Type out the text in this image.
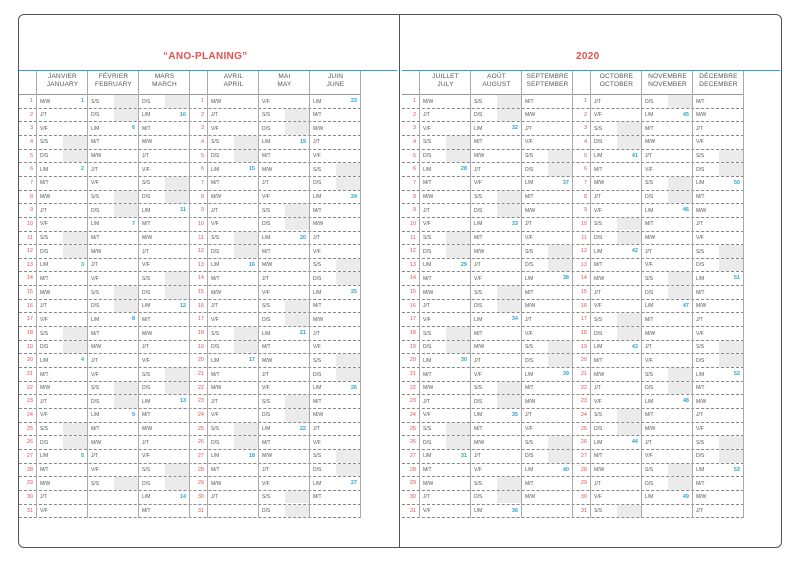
“ANO-PLANING”	2020
1
2
3
4
5
6
7
8
9
10
11
12
13
14
15
16
17
18
19
20
21
22
23
24
25
26
27
28
29
30
31
1
2
3
4
5
6
7
8
9
10
11
12
13
14
15
16
17
18
19
20
21
22
23
24
25
26
27
28
29
30
31
JANVIER
JANUARY
M/W
J/T
V/F
S/S
D/S
L/M
M/T
M/W
J/T
V/F
S/S
D/S
L/M
M/T
M/W
J/T
V/F
S/S
D/S
L/M
M/T
M/W
J/T
V/F
S/S
D/S
L/M
M/T
M/W
J/T
V/F
FÉVRIER
FEBRUARY
S/S
D/S
L/M
M/T
M/W
J/T
V/F
S/S
D/S
L/M
M/T
M/W
J/T
V/F
S/S
D/S
L/M
M/T
M/W
J/T
V/F
S/S
D/S
L/M
M/T
M/W
J/T
V/F
S/S
MARS
MARCH
D/S
L/M
M/T
M/W
J/T
V/F
S/S
D/S
L/M
M/T
M/W
J/T
V/F
S/S
D/S
L/M
M/T
M/W
J/T
V/F
S/S
D/S
L/M
M/T
M/W
J/T
V/F
S/S
D/S
L/M
M/T
AVRIL
APRIL
M/W
J/T
V/F
S/S
D/S
L/M
M/T
M/W
J/T
V/F
S/S
D/S
L/M
M/T
M/W
J/T
V/F
S/S
D/S
L/M
M/T
M/W
J/T
V/F
S/S
D/S
L/M
M/T
M/W
J/T
MAI
MAY
V/F
S/S
D/S
L/M
M/T
M/W
J/T
V/F
S/S
D/S
L/M
M/T
M/W
J/T
V/F
S/S
D/S
L/M
M/T
M/W
J/T
V/F
S/S
D/S
L/M
M/T
M/W
J/T
V/F
S/S
D/S
JUIN
JUNE
L/M
M/T
M/W
J/T
V/F
S/S
D/S
L/M
M/T
M/W
J/T
V/F
S/S
D/S
L/M
M/T
M/W
J/T
V/F
S/S
D/S
L/M
M/T
M/W
J/T
V/F
S/S
D/S
L/M
M/T
1
2
3
4
5
6
7
8
9
10
11
12
13
14
15
16
17
18
19
20
21
22
23
24
25
26
27
1
2
3
4
5
6
7
8
9
10
11
12
13
14
15
16
17
18
19
20
21
22
23
24
25
26
27
28
29
30
31
1
2
3
4
5
6
7
8
9
10
11
12
13
14
15
16
17
18
19
20
21
22
23
24
25
26
27
28
29
30
31
JUILLET
JULY
M/W
J/T
V/F
S/S
D/S
L/M
M/T
M/W
J/T
V/F
S/S
D/S
L/M
M/T
M/W
J/T
V/F
S/S
D/S
L/M
M/T
M/W
J/T
V/F
S/S
D/S
L/M
M/T
M/W
J/T
V/F
AOÛT
AUGUST
S/S
D/S
L/M
M/T
M/W
J/T
V/F
S/S
D/S
L/M
M/T
M/W
J/T
V/F
S/S
D/S
L/M
M/T
M/W
J/T
V/F
S/S
D/S
L/M
M/T
M/W
J/T
V/F
S/S
D/S
L/M
SEPTEMBRE
SEPTEMBER
M/T
M/W
J/T
V/F
S/S
D/S
L/M
M/T
M/W
J/T
V/F
S/S
D/S
L/M
M/T
M/W
J/T
V/F
S/S
D/S
L/M
M/T
M/W
J/T
V/F
S/S
D/S
L/M
M/T
M/W
OCTOBRE
OCTOBER
J/T
V/F
S/S
D/S
L/M
M/T
M/W
J/T
V/F
S/S
D/S
L/M
M/T
M/W
J/T
V/F
S/S
D/S
L/M
M/T
M/W
J/T
V/F
S/S
D/S
L/M
M/T
M/W
J/T
V/F
S/S
NOVEMBRE
NOVEMBER
D/S
L/M
M/T
M/W
J/T
V/F
S/S
D/S
L/M
M/T
M/W
J/T
V/F
S/S
D/S
L/M
M/T
M/W
J/T
V/F
S/S
D/S
L/M
M/T
M/W
J/T
V/F
S/S
D/S
L/M
DÉCEMBRE
DECEMBER
M/T
M/W
J/T
V/F
S/S
D/S
L/M
M/T
M/W
J/T
V/F
S/S
D/S
L/M
M/T
M/W
J/T
V/F
S/S
D/S
L/M
M/T
M/W
J/T
V/F
S/S
D/S
L/M
M/T
M/W
J/T
28
29
30
31
32
33
34
35
36
37
38
39
40
41
42
43
44
45
46
47
48
49
50
51
52
53
